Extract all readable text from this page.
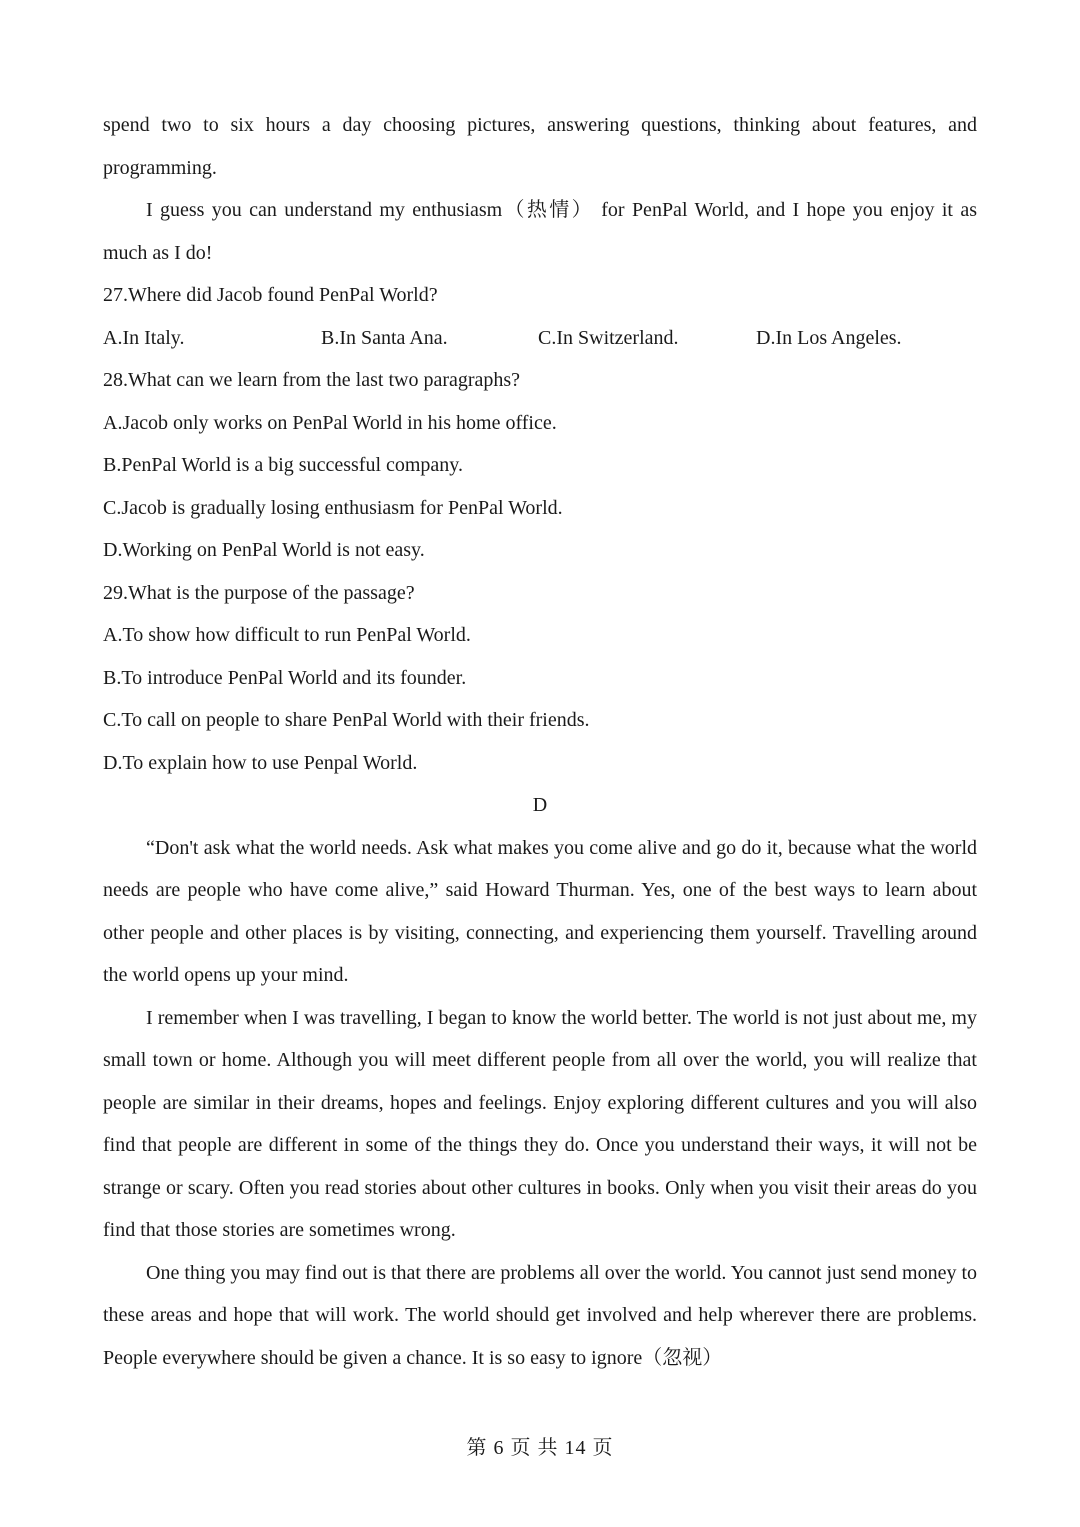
spend two to six hours a day choosing pictures, answering questions, thinking about features, and programming.

I guess you can understand my enthusiasm（热情） for PenPal World, and I hope you enjoy it as much as I do!

27.Where did Jacob found PenPal World?

A.In Italy.	B.In Santa Ana.	C.In Switzerland.	D.In Los Angeles.

28.What can we learn from the last two paragraphs?

A.Jacob only works on PenPal World in his home office.

B.PenPal World is a big successful company.

C.Jacob is gradually losing enthusiasm for PenPal World.

D.Working on PenPal World is not easy.

29.What is the purpose of the passage?

A.To show how difficult to run PenPal World.

B.To introduce PenPal World and its founder.

C.To call on people to share PenPal World with their friends.

D.To explain how to use Penpal World.

D

“Don't ask what the world needs. Ask what makes you come alive and go do it, because what the world needs are people who have come alive,” said Howard Thurman. Yes, one of the best ways to learn about other people and other places is by visiting, connecting, and experiencing them yourself. Travelling around the world opens up your mind.

I remember when I was travelling, I began to know the world better. The world is not just about me, my small town or home. Although you will meet different people from all over the world, you will realize that people are similar in their dreams, hopes and feelings. Enjoy exploring different cultures and you will also find that people are different in some of the things they do. Once you understand their ways, it will not be strange or scary. Often you read stories about other cultures in books. Only when you visit their areas do you find that those stories are sometimes wrong.

One thing you may find out is that there are problems all over the world. You cannot just send money to these areas and hope that will work. The world should get involved and help wherever there are problems. People everywhere should be given a chance. It is so easy to ignore（忽视）

第 6 页 共 14 页
